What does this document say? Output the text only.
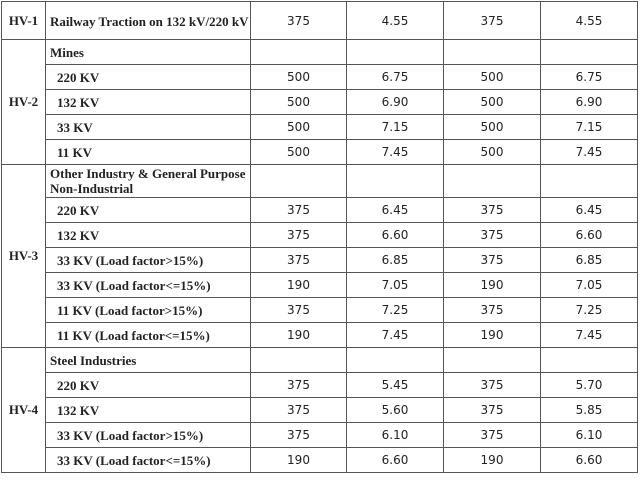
HV-1	Railway Traction on 132 kV/220 kV	375	4.55	375	4.55
HV-2	Mines				
	220 KV	500	6.75	500	6.75
	132 KV	500	6.90	500	6.90
	33 KV	500	7.15	500	7.15
	11 KV	500	7.45	500	7.45
HV-3	Other Industry & General Purpose Non-Industrial				
	220 KV	375	6.45	375	6.45
	132 KV	375	6.60	375	6.60
	33 KV (Load factor>15%)	375	6.85	375	6.85
	33 KV (Load factor<=15%)	190	7.05	190	7.05
	11 KV (Load factor>15%)	375	7.25	375	7.25
	11 KV (Load factor<=15%)	190	7.45	190	7.45
HV-4	Steel Industries				
	220 KV	375	5.45	375	5.70
	132 KV	375	5.60	375	5.85
	33 KV (Load factor>15%)	375	6.10	375	6.10
	33 KV (Load factor<=15%)	190	6.60	190	6.60
